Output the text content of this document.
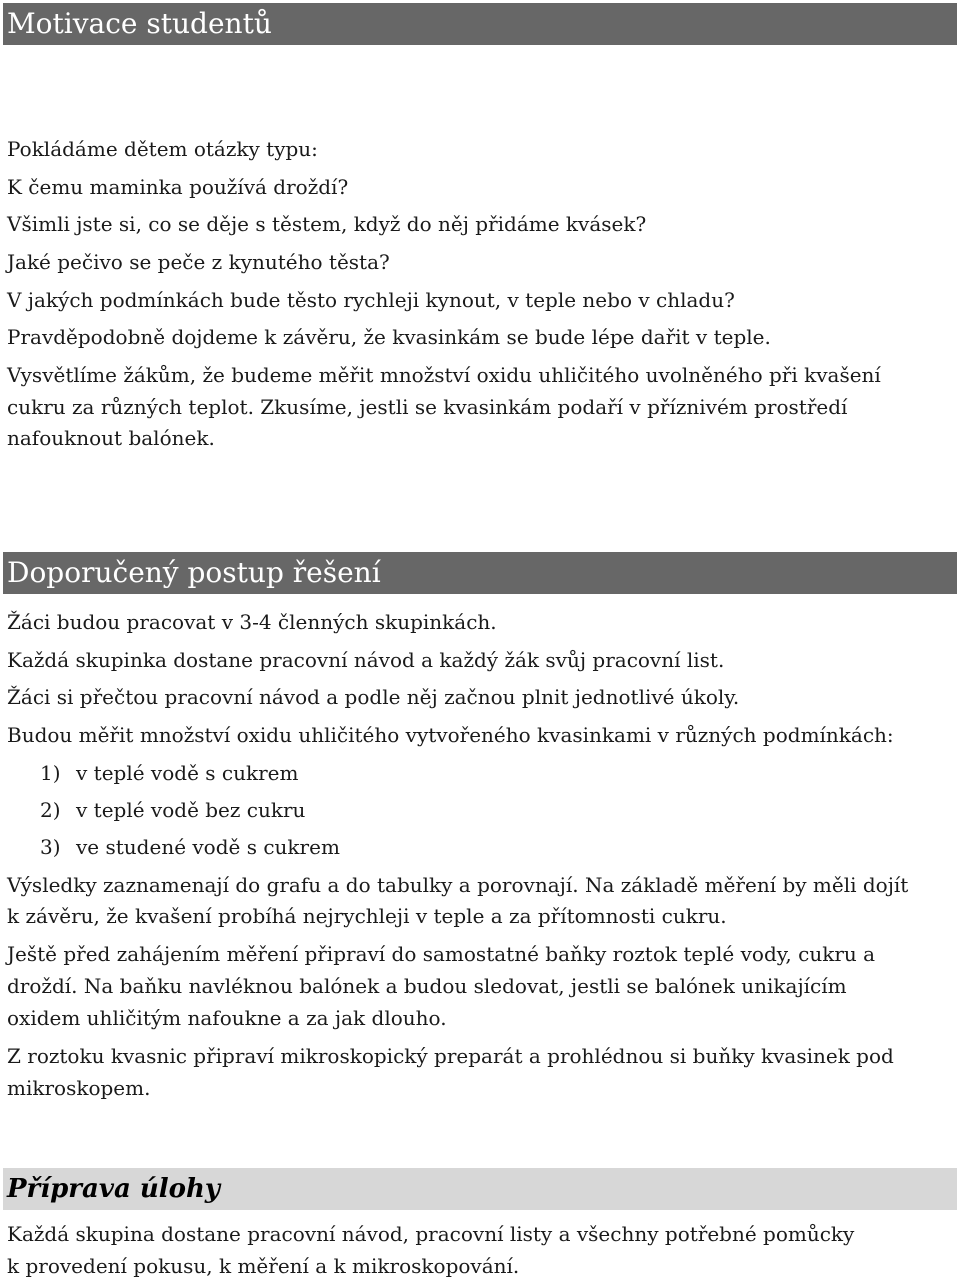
Motivace studentů
Pokládáme dětem otázky typu:
K čemu maminka používá droždí?
Všimli jste si, co se děje s těstem, když do něj přidáme kvásek?
Jaké pečivo se peče z kynutého těsta?
V jakých podmínkách bude těsto rychleji kynout, v teple nebo v chladu?
Pravděpodobně dojdeme k závěru, že kvasinkám se bude lépe dařit v teple.
Vysvětlíme žákům, že budeme měřit množství oxidu uhličitého uvolněného při kvašení
cukru za různých teplot. Zkusíme, jestli se kvasinkám podaří v příznivém prostředí
nafouknout balónek.
Doporučený postup řešení
Žáci budou pracovat v 3-4 členných skupinkách.
Každá skupinka dostane pracovní návod a každý žák svůj pracovní list.
Žáci si přečtou pracovní návod a podle něj začnou plnit jednotlivé úkoly.
Budou měřit množství oxidu uhličitého vytvořeného kvasinkami v různých podmínkách:
1) v teplé vodě s cukrem
2) v teplé vodě bez cukru
3) ve studené vodě s cukrem
Výsledky zaznamenají do grafu a do tabulky a porovnají. Na základě měření by měli dojít
k závěru, že kvašení probíhá nejrychleji v teple a za přítomnosti cukru.
Ještě před zahájením měření připraví do samostatné baňky roztok teplé vody, cukru a
droždí. Na baňku navléknou balónek a budou sledovat, jestli se balónek unikajícím
oxidem uhličitým nafoukne a za jak dlouho.
Z roztoku kvasnic připraví mikroskopický preparát a prohlédnou si buňky kvasinek pod
mikroskopem.
Příprava úlohy
Každá skupina dostane pracovní návod, pracovní listy a všechny potřebné pomůcky
k provedení pokusu, k měření a k mikroskopování.
